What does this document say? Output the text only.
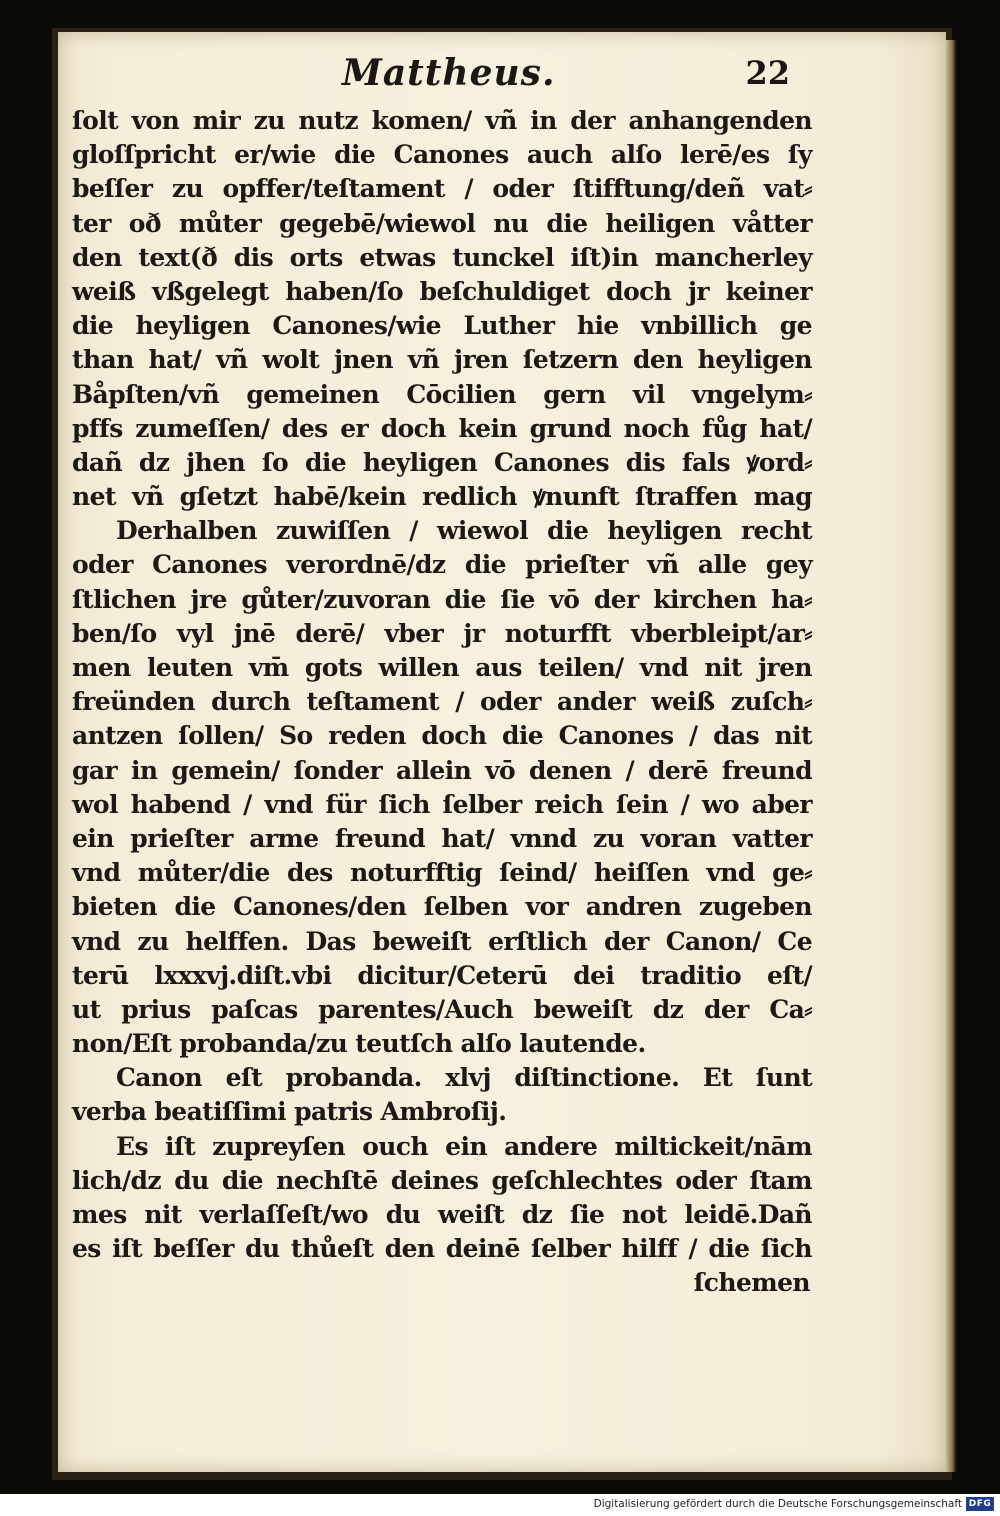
Mattheus.	22
ſolt von mir zu nutz komen/ vñ in der anhangenden
gloſſpricht er/wie die Canones auch alſo lerē/es ſy
beſſer zu opffer/teſtament / oder ſtifftung/deñ vat⸗
ter oð můter gegebē/wiewol nu die heiligen våtter
den text(ð dis orts etwas tunckel iſt)in mancherley
weiß vßgelegt haben/ſo beſchuldiget doch jr keiner
die heyligen Canones/wie Luther hie vnbillich ge
than hat/ vñ wolt jnen vñ jren ſetzern den heyligen
Båpſten/vñ gemeinen Cōcilien gern vil vngelym⸗
pffs zumeſſen/ des er doch kein grund noch fůg hat/
dañ dz jhen ſo die heyligen Canones dis fals ꝟord⸗
net vñ gſetzt habē/kein redlich ꝟnunft ſtraffen mag
Derhalben zuwiſſen / wiewol die heyligen recht
oder Canones verordnē/dz die prieſter vñ alle gey
ſtlichen jre gůter/zuvoran die ſie vō der kirchen ha⸗
ben/ſo vyl jnē derē/ vber jr noturfft vberbleipt/ar⸗
men leuten vm̄ gots willen aus teilen/ vnd nit jren
freünden durch teſtament / oder ander weiß zuſch⸗
antzen ſollen/ So reden doch die Canones / das nit
gar in gemein/ ſonder allein vō denen / derē freund
wol habend / vnd für ſich ſelber reich ſein / wo aber
ein prieſter arme freund hat/ vnnd zu voran vatter
vnd můter/die des noturfftig ſeind/ heiſſen vnd ge⸗
bieten die Canones/den ſelben vor andren zugeben
vnd zu helffen. Das beweiſt erſtlich der Canon/ Ce
terū lxxxvj.diſt.vbi dicitur/Ceterū dei traditio eſt/
ut prius paſcas parentes/Auch beweiſt dz der Ca⸗
non/Eſt probanda/zu teutſch alſo lautende.
Canon eſt probanda. xlvj diſtinctione. Et ſunt
verba beatiſſimi patris Ambroſij.
Es iſt zupreyſen ouch ein andere miltickeit/nām
lich/dz du die nechſtē deines geſchlechtes oder ſtam
mes nit verlaſſeſt/wo du weiſt dz ſie not leidē.Dañ
es iſt beſſer du thůeſt den deinē ſelber hilff / die ſich
ſchemen
Digitalisierung gefördert durch die Deutsche Forschungsgemeinschaft DFG
